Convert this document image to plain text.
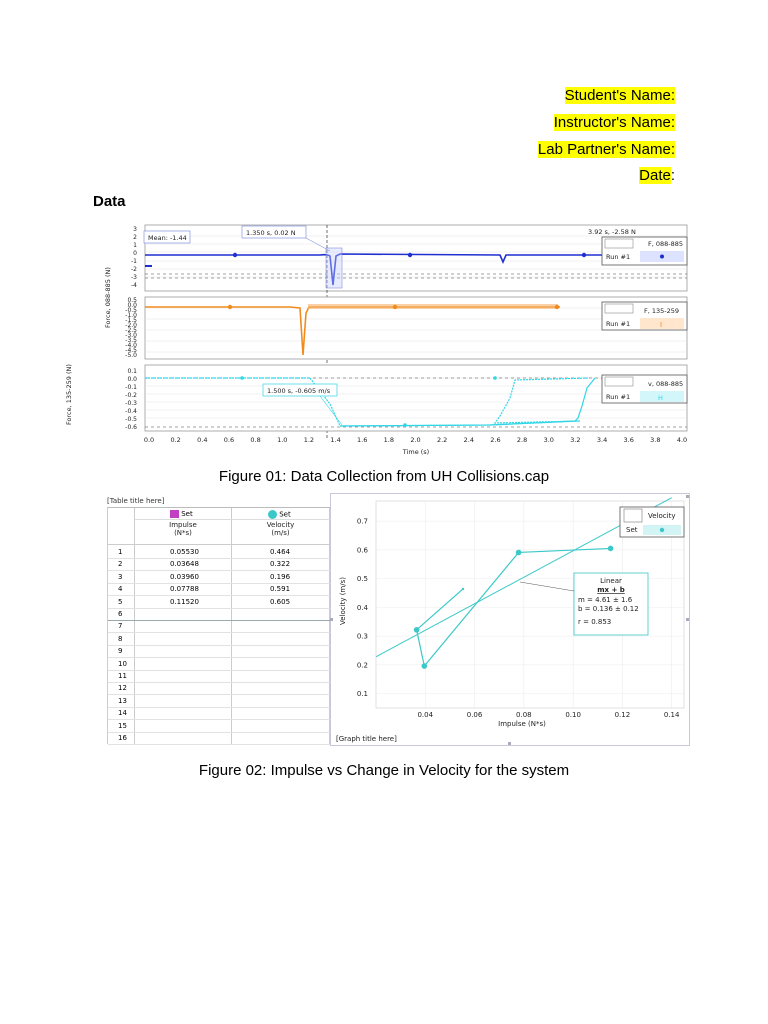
Student's Name:
Instructor's Name:
Lab Partner's Name:
Date:
Data
3
2
1
0
-1
-2
-3
-4
Force, 088-885 (N)
Mean: -1.44
1.350 s, 0.02 N	3.92 s, -2.58 N
F, 088-885
Run #1
0.5
0.0
-0.5
-1.0
-1.5
-2.0
-2.5
-3.0
-3.5
-4.0
-4.5
-5.0
Force, 135-259 (N)
F, 135-259
Run #1	I
0.1
0.0
-0.1
-0.2
-0.3
-0.4
-0.5
-0.6
1.500 s, -0.605 m/s
v, 088-885
Run #1	H
0.0	0.2	0.4	0.6	0.8	1.0	1.2	1.4	1.6	1.8	2.0	2.2	2.4	2.6	2.8	3.0	3.2	3.4	3.6	3.8	4.0
Time (s)
Figure 01: Data Collection from UH Collisions.cap
[Table title here]
Set	Set
Impulse
(N*s)
Velocity
(m/s)
1	0.05530	0.464
2	0.03648	0.322
3	0.03960	0.196
4	0.07788	0.591
5	0.11520	0.605
6
7
8
9
10
11
12
13
14
15
16
0.04	0.06	0.08	0.10	0.12	0.14
0.1
0.2
0.3
0.4
0.5
0.6
0.7
Impulse (N*s)
Velocity (m/s)
[Graph title here]
Velocity
Set
Linear
mx + b
m = 4.61 ± 1.6
b = 0.136 ± 0.12
r = 0.853
Figure 02: Impulse vs Change in Velocity for the system
